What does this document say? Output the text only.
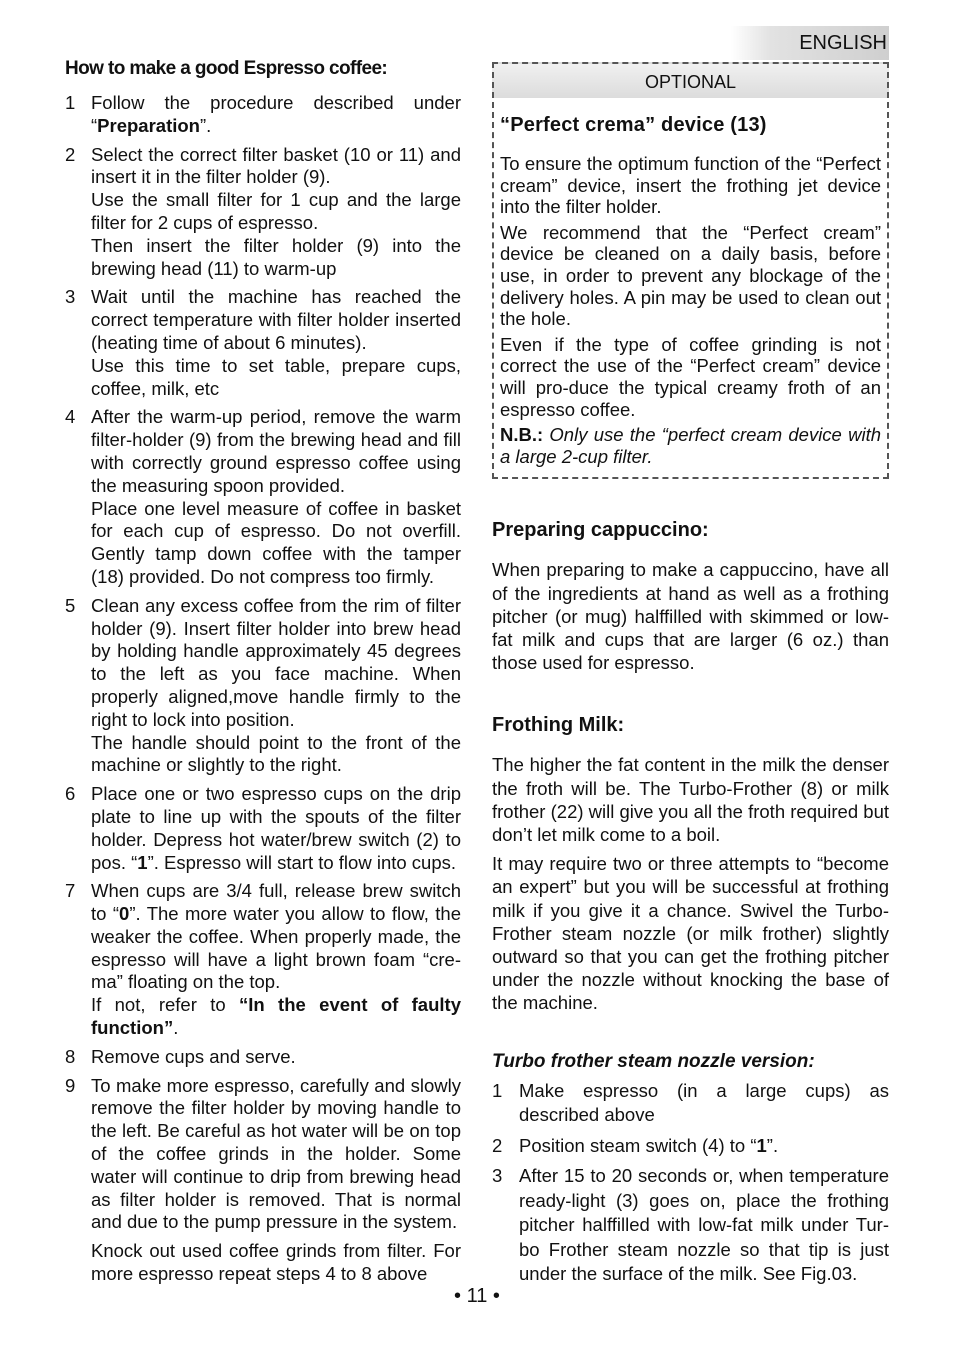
ENGLISH
How to make a good Espresso coffee:
1 Follow the procedure described under “Preparation”.

2 Select the correct filter basket (10 or 11) and insert it in the filter holder (9).

Use the small filter for 1 cup and the large filter for 2 cups of espresso.

Then insert the filter holder (9) into the brewing head (11) to warm-up

3 Wait until the machine has reached the correct temperature with filter holder inserted (heating time of about 6 minutes).

Use this time to set table, prepare cups, coffee, milk, etc

4 After the warm-up period, remove the warm filter-holder (9) from the brewing head and fill with correctly ground espresso coffee using the measuring spoon provided.

Place one level measure of coffee in basket for each cup of espresso. Do not overfill. Gently tamp down coffee with the tamper (18) provided. Do not compress too firmly.

5 Clean any excess coffee from the rim of filter holder (9). Insert filter holder into brew head by holding handle approximately 45 degrees to the left as you face machine. When properly aligned,move handle firmly to the right to lock into position.

The handle should point to the front of the machine or slightly to the right.

6 Place one or two espresso cups on the drip plate to line up with the spouts of the filter holder. Depress hot water/brew switch (2) to pos. “1”. Espresso will start to flow into cups.

7 When cups are 3/4 full, release brew switch to “0”. The more water you allow to flow, the weaker the coffee. When properly made, the espresso will have a light brown foam “cre-ma” floating on the top.

If not, refer to “In the event of faulty function”.

8 Remove cups and serve.

9 To make more espresso, carefully and slowly remove the filter holder by moving handle to the left. Be careful as hot water will be on top of the coffee grinds in the holder. Some water will continue to drip from brewing head as filter holder is removed. That is normal and due to the pump pressure in the system.

Knock out used coffee grinds from filter. For more espresso repeat steps 4 to 8 above

OPTIONAL
“Perfect crema” device (13)

To ensure the optimum function of the “Perfect cream” device, insert the frothing jet device into the filter holder.

We recommend that the “Perfect cream” device be cleaned on a daily basis, before use, in order to prevent any blockage of the delivery holes. A pin may be used to clean out the hole.

Even if the type of coffee grinding is not correct the use of the “Perfect cream” device will pro-duce the typical creamy froth of an espresso coffee.

N.B.: Only use the “perfect cream device with a large 2-cup filter.

Preparing cappuccino:

When preparing to make a cappuccino, have all of the ingredients at hand as well as a frothing pitcher (or mug) halffilled with skimmed or low-fat milk and cups that are larger (6 oz.) than those used for espresso.

Frothing Milk:

The higher the fat content in the milk the denser the froth will be. The Turbo-Frother (8) or milk frother (22) will give you all the froth required but don’t let milk come to a boil.

It may require two or three attempts to “become an expert” but you will be successful at frothing milk if you give it a chance. Swivel the Turbo-Frother steam nozzle (or milk frother) slightly outward so that you can get the frothing pitcher under the nozzle without knocking the base of the machine.

Turbo frother steam nozzle version:
1 Make espresso (in a large cups) as described above
2 Position steam switch (4) to “1”.
3 After 15 to 20 seconds or, when temperature ready-light (3) goes on, place the frothing pitcher halffilled with low-fat milk under Tur-bo Frother steam nozzle so that tip is just under the surface of the milk. See Fig.03.
• 11 •
